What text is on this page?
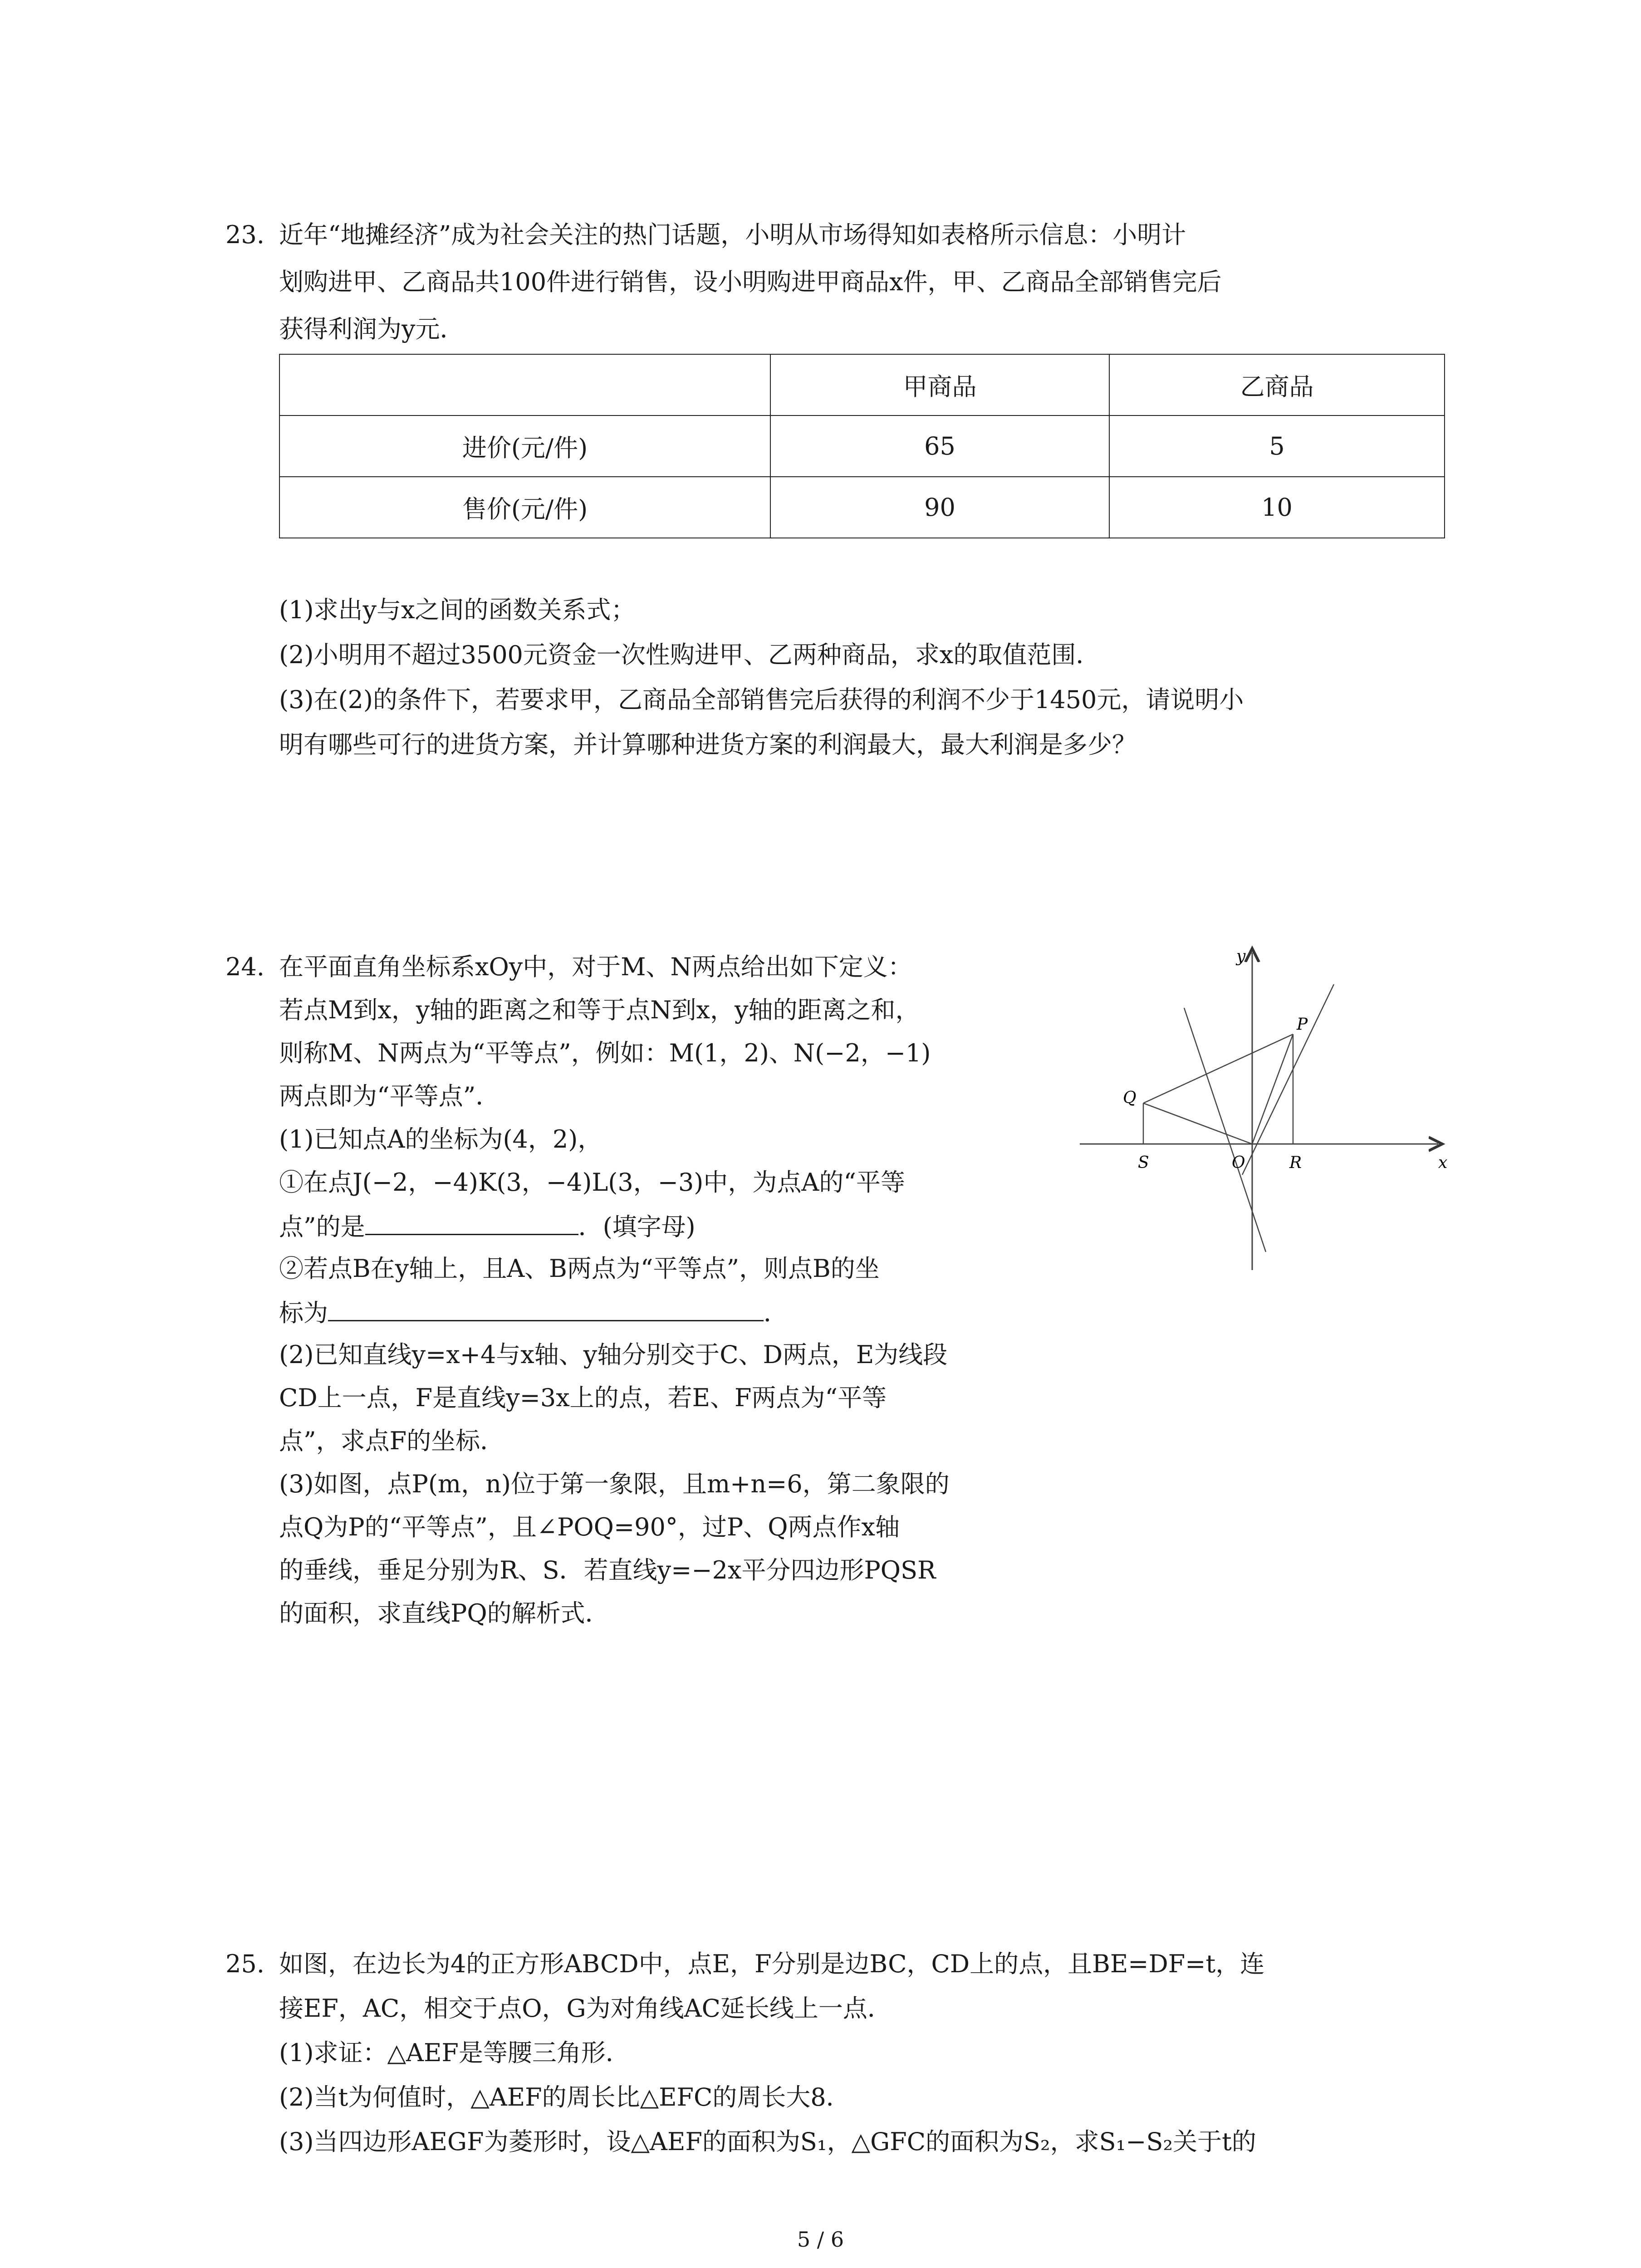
23. 近年“地摊经济”成为社会关注的热门话题，小明从市场得知如表格所示信息：小明计
划购进甲、乙商品共100件进行销售，设小明购进甲商品x件，甲、乙商品全部销售完后
获得利润为y元．
	甲商品	乙商品
进价(元/件)	65	5
售价(元/件)	90	10
(1)求出y与x之间的函数关系式；
(2)小明用不超过3500元资金一次性购进甲、乙两种商品，求x的取值范围．
(3)在(2)的条件下，若要求甲，乙商品全部销售完后获得的利润不少于1450元，请说明小
明有哪些可行的进货方案，并计算哪种进货方案的利润最大，最大利润是多少？
24. 在平面直角坐标系xOy中，对于M、N两点给出如下定义：
若点M到x，y轴的距离之和等于点N到x，y轴的距离之和，
则称M、N两点为“平等点”，例如：M(1，2)、N(−2，−1)
两点即为“平等点”．
(1)已知点A的坐标为(4，2)，
①在点J(−2，−4)K(3，−4)L(3，−3)中，为点A的“平等
点”的是	．(填字母)
②若点B在y轴上，且A、B两点为“平等点”，则点B的坐
标为	．
(2)已知直线y=x+4与x轴、y轴分别交于C、D两点，E为线段
CD上一点，F是直线y=3x上的点，若E、F两点为“平等
点”，求点F的坐标．
(3)如图，点P(m，n)位于第一象限，且m+n=6，第二象限的
点Q为P的“平等点”，且∠POQ=90°，过P、Q两点作x轴
的垂线，垂足分别为R、S．若直线y=−2x平分四边形PQSR
的面积，求直线PQ的解析式．
y
x
P
Q
S	O	R
25. 如图，在边长为4的正方形ABCD中，点E，F分别是边BC，CD上的点，且BE=DF=t，连
接EF，AC，相交于点O，G为对角线AC延长线上一点．
(1)求证：△AEF是等腰三角形．
(2)当t为何值时，△AEF的周长比△EFC的周长大8．
(3)当四边形AEGF为菱形时，设△AEF的面积为S₁，△GFC的面积为S₂，求S₁−S₂关于t的
5 / 6
